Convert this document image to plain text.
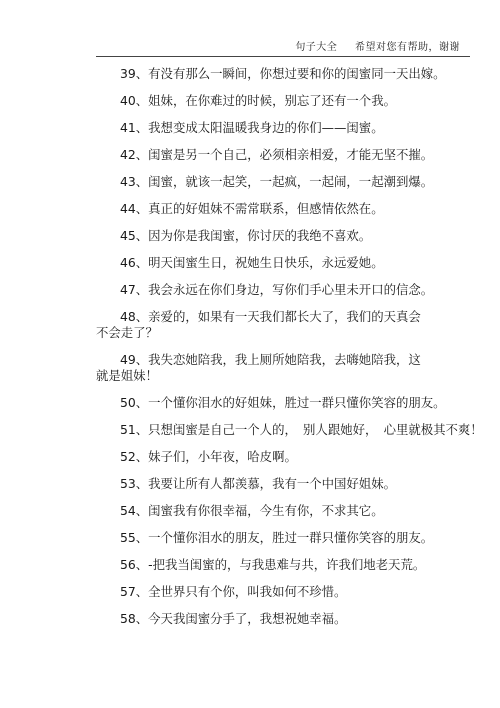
句子大全 希望对您有帮助，谢谢

39、有没有那么一瞬间，你想过要和你的闺蜜同一天出嫁。

40、姐妹，在你难过的时候，别忘了还有一个我。

41、我想变成太阳温暖我身边的你们——闺蜜。

42、闺蜜是另一个自己，必须相亲相爱，才能无坚不摧。

43、闺蜜，就该一起笑，一起疯，一起闹，一起潮到爆。

44、真正的好姐妹不需常联系，但感情依然在。

45、因为你是我闺蜜，你讨厌的我绝不喜欢。

46、明天闺蜜生日，祝她生日快乐，永远爱她。

47、我会永远在你们身边，写你们手心里未开口的信念。

48、亲爱的，如果有一天我们都长大了，我们的天真会不会走了？

49、我失恋她陪我，我上厕所她陪我，去嗨她陪我，这就是姐妹！

50、一个懂你泪水的好姐妹，胜过一群只懂你笑容的朋友。

51、只想闺蜜是自己一个人的，　别人跟她好，　心里就极其不爽！

52、妹子们，小年夜，哈皮啊。

53、我要让所有人都羡慕，我有一个中国好姐妹。

54、闺蜜我有你很幸福，今生有你，不求其它。

55、一个懂你泪水的朋友，胜过一群只懂你笑容的朋友。

56、-把我当闺蜜的，与我患难与共，许我们地老天荒。

57、全世界只有个你，叫我如何不珍惜。

58、今天我闺蜜分手了，我想祝她幸福。
